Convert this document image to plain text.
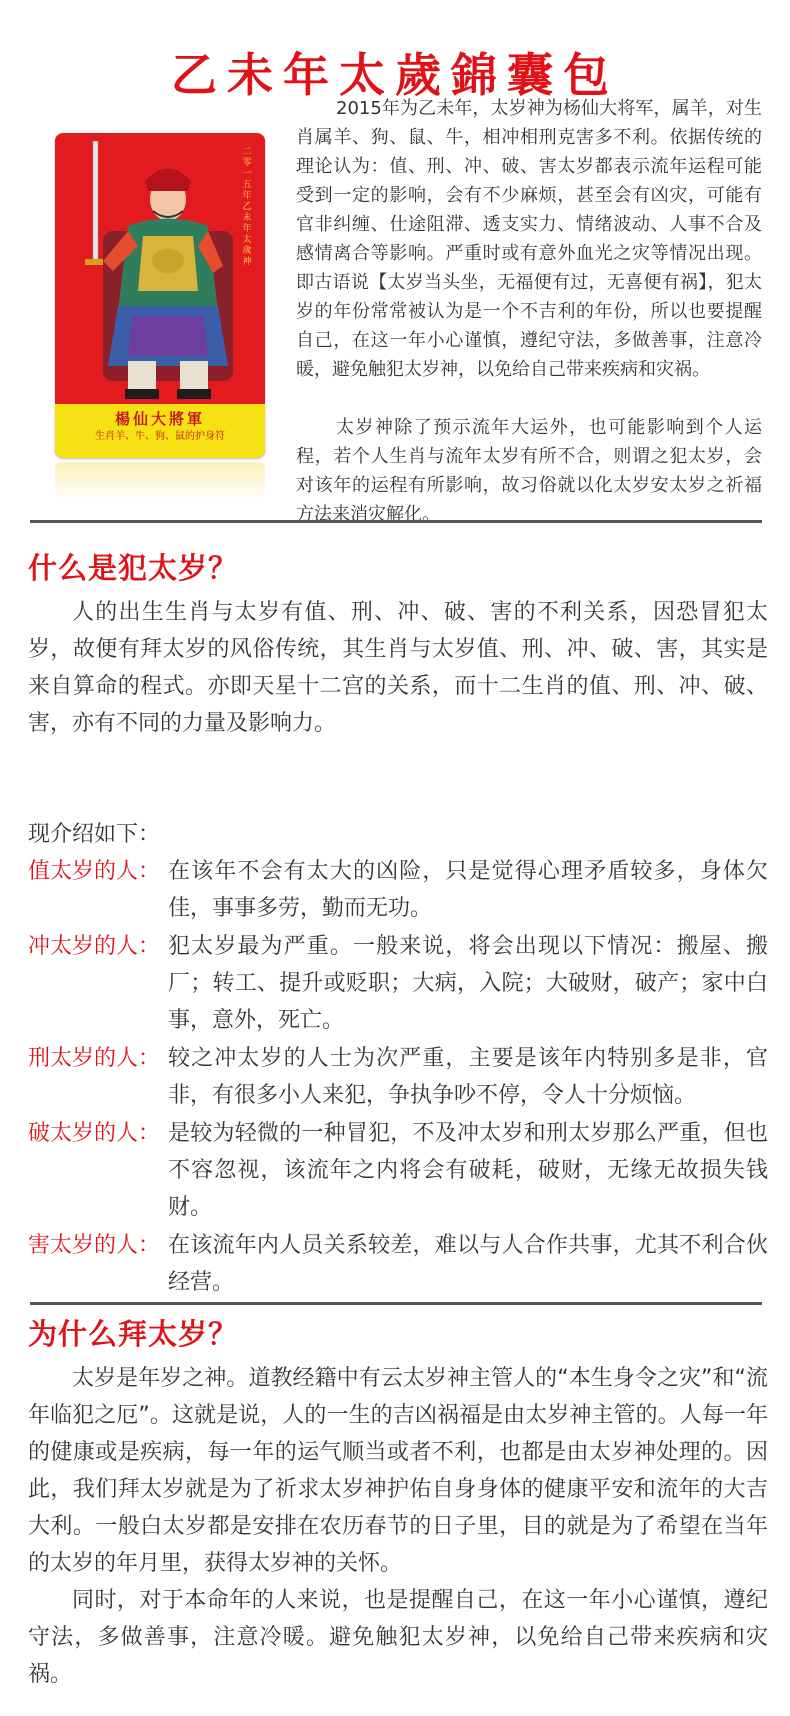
乙未年太歲錦囊包
二零一五年乙未年太歲神
楊仙大將軍
生肖羊、牛、狗、鼠的护身符

2015年为乙未年，太岁神为杨仙大将军，属羊，对生肖属羊、狗、鼠、牛，相冲相刑克害多不利。依据传统的理论认为：值、刑、冲、破、害太岁都表示流年运程可能受到一定的影响，会有不少麻烦，甚至会有凶灾，可能有官非纠缠、仕途阻滞、透支实力、情绪波动、人事不合及感情离合等影响。严重时或有意外血光之灾等情况出现。即古语说【太岁当头坐，无福便有过，无喜便有祸】，犯太岁的年份常常被认为是一个不吉利的年份，所以也要提醒自己，在这一年小心谨慎，遵纪守法，多做善事，注意冷暖，避免触犯太岁神，以免给自己带来疾病和灾祸。

太岁神除了预示流年大运外，也可能影响到个人运程，若个人生肖与流年太岁有所不合，则谓之犯太岁，会对该年的运程有所影响，故习俗就以化太岁安太岁之祈福方法来消灾解化。

什么是犯太岁？

人的出生生肖与太岁有值、刑、冲、破、害的不利关系，因恐冒犯太岁，故便有拜太岁的风俗传统，其生肖与太岁值、刑、冲、破、害，其实是来自算命的程式。亦即天星十二宫的关系，而十二生肖的值、刑、冲、破、害，亦有不同的力量及影响力。

现介绍如下：
值太岁的人： 在该年不会有太大的凶险，只是觉得心理矛盾较多，身体欠佳，事事多劳，勤而无功。
冲太岁的人： 犯太岁最为严重。一般来说，将会出现以下情况：搬屋、搬厂；转工、提升或贬职；大病，入院；大破财，破产；家中白事，意外，死亡。
刑太岁的人： 较之冲太岁的人士为次严重，主要是该年内特别多是非，官非，有很多小人来犯，争执争吵不停，令人十分烦恼。
破太岁的人： 是较为轻微的一种冒犯，不及冲太岁和刑太岁那么严重，但也不容忽视，该流年之内将会有破耗，破财，无缘无故损失钱财。
害太岁的人： 在该流年内人员关系较差，难以与人合作共事，尤其不利合伙经营。
为什么拜太岁？

太岁是年岁之神。道教经籍中有云太岁神主管人的“本生身令之灾”和“流年临犯之厄”。这就是说，人的一生的吉凶祸福是由太岁神主管的。人每一年的健康或是疾病，每一年的运气顺当或者不利，也都是由太岁神处理的。因此，我们拜太岁就是为了祈求太岁神护佑自身身体的健康平安和流年的大吉大利。一般白太岁都是安排在农历春节的日子里，目的就是为了希望在当年的太岁的年月里，获得太岁神的关怀。

同时，对于本命年的人来说，也是提醒自己，在这一年小心谨慎，遵纪守法，多做善事，注意冷暖。避免触犯太岁神，以免给自己带来疾病和灾祸。
